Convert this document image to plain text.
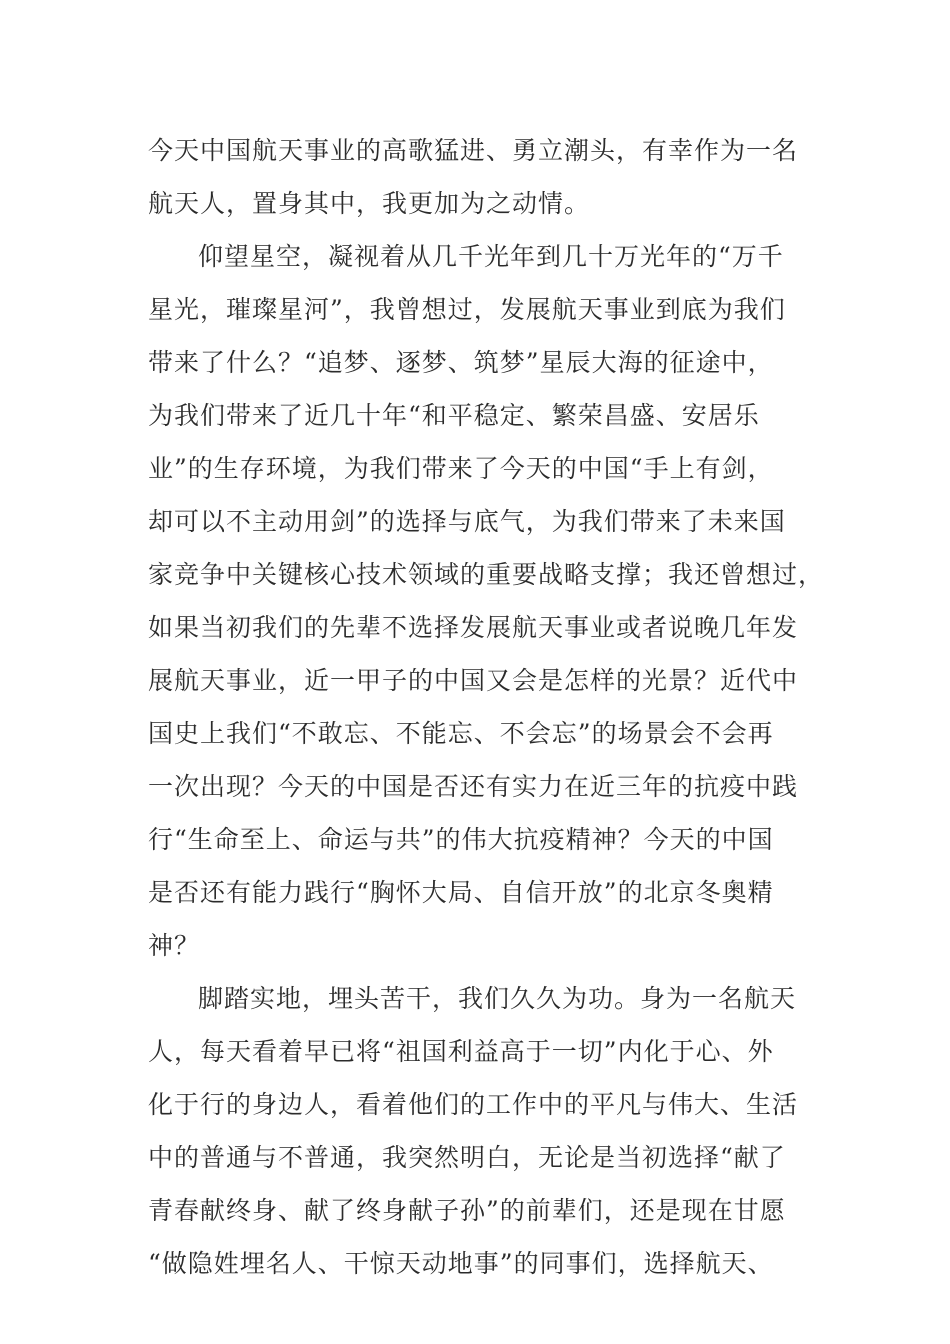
今天中国航天事业的高歌猛进、勇立潮头，有幸作为一名
航天人，置身其中，我更加为之动情。
仰望星空，凝视着从几千光年到几十万光年的“万千
星光，璀璨星河”，我曾想过，发展航天事业到底为我们
带来了什么？“追梦、逐梦、筑梦”星辰大海的征途中，
为我们带来了近几十年“和平稳定、繁荣昌盛、安居乐
业”的生存环境，为我们带来了今天的中国“手上有剑，
却可以不主动用剑”的选择与底气，为我们带来了未来国
家竞争中关键核心技术领域的重要战略支撑；我还曾想过，
如果当初我们的先辈不选择发展航天事业或者说晚几年发
展航天事业，近一甲子的中国又会是怎样的光景？近代中
国史上我们“不敢忘、不能忘、不会忘”的场景会不会再
一次出现？今天的中国是否还有实力在近三年的抗疫中践
行“生命至上、命运与共”的伟大抗疫精神？今天的中国
是否还有能力践行“胸怀大局、自信开放”的北京冬奥精
神？
脚踏实地，埋头苦干，我们久久为功。身为一名航天
人，每天看着早已将“祖国利益高于一切”内化于心、外
化于行的身边人，看着他们的工作中的平凡与伟大、生活
中的普通与不普通，我突然明白，无论是当初选择“献了
青春献终身、献了终身献子孙”的前辈们，还是现在甘愿
“做隐姓埋名人、干惊天动地事”的同事们，选择航天、
